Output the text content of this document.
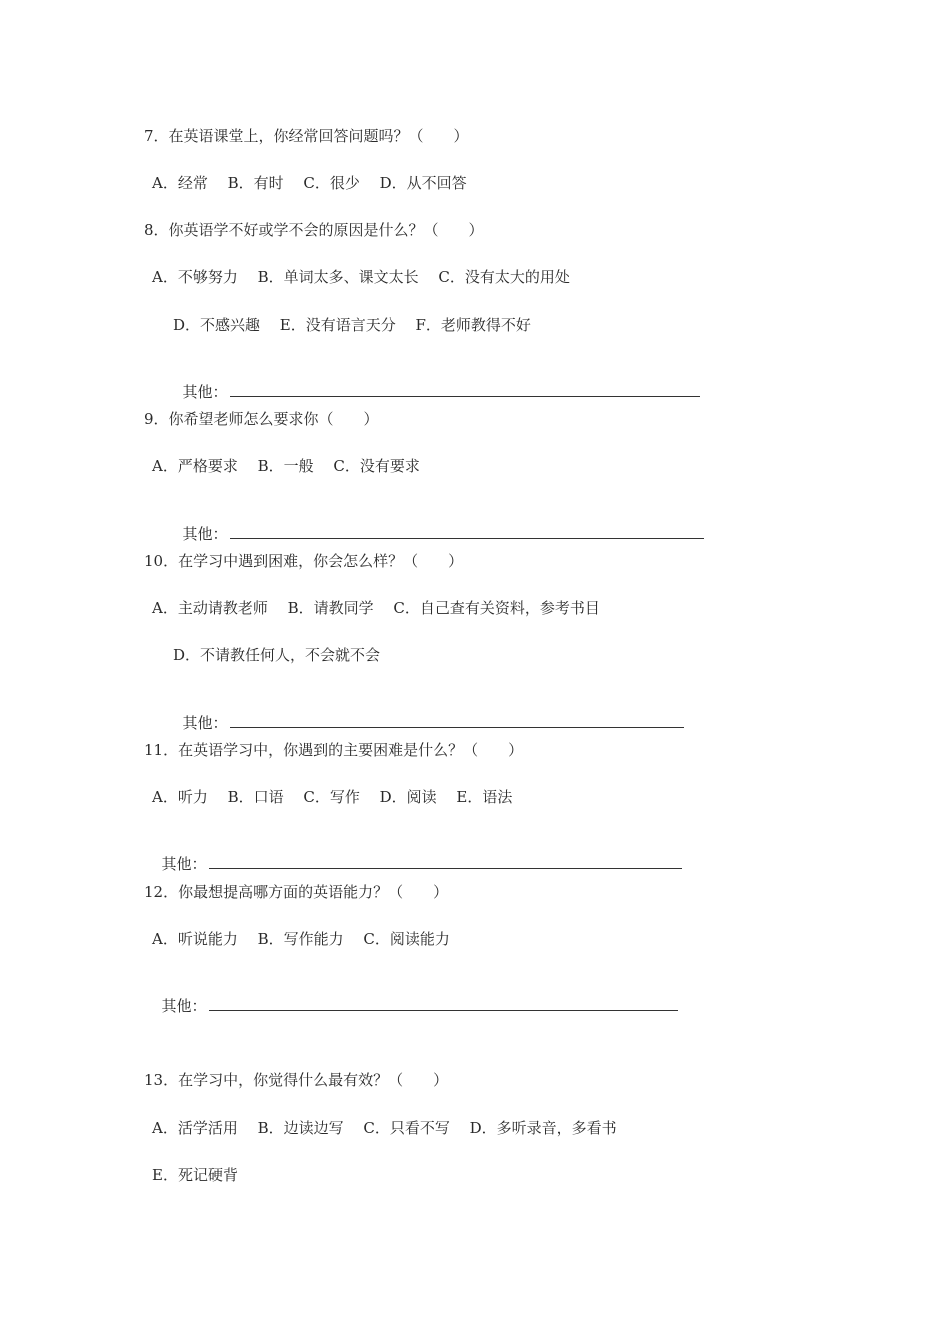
7．在英语课堂上，你经常回答问题吗？（　　）
A．经常　 B．有时　 C．很少　 D．从不回答
8．你英语学不好或学不会的原因是什么？（　　）
A．不够努力　 B．单词太多、课文太长　 C．没有太大的用处
D．不感兴趣　 E．没有语言天分　 F．老师教得不好

其他：

9．你希望老师怎么要求你（　　）
A．严格要求　 B．一般　 C．没有要求

其他：

10．在学习中遇到困难，你会怎么样？（　　）
A．主动请教老师　 B．请教同学　 C．自己查有关资料，参考书目
D．不请教任何人，不会就不会

其他：

11．在英语学习中，你遇到的主要困难是什么？（　　）
A．听力　 B．口语　 C．写作　 D．阅读　 E．语法

其他：

12．你最想提高哪方面的英语能力？（　　）
A．听说能力　 B．写作能力　 C．阅读能力

其他：

13．在学习中，你觉得什么最有效？（　　）
A．活学活用　 B．边读边写　 C．只看不写　 D．多听录音，多看书
E．死记硬背
